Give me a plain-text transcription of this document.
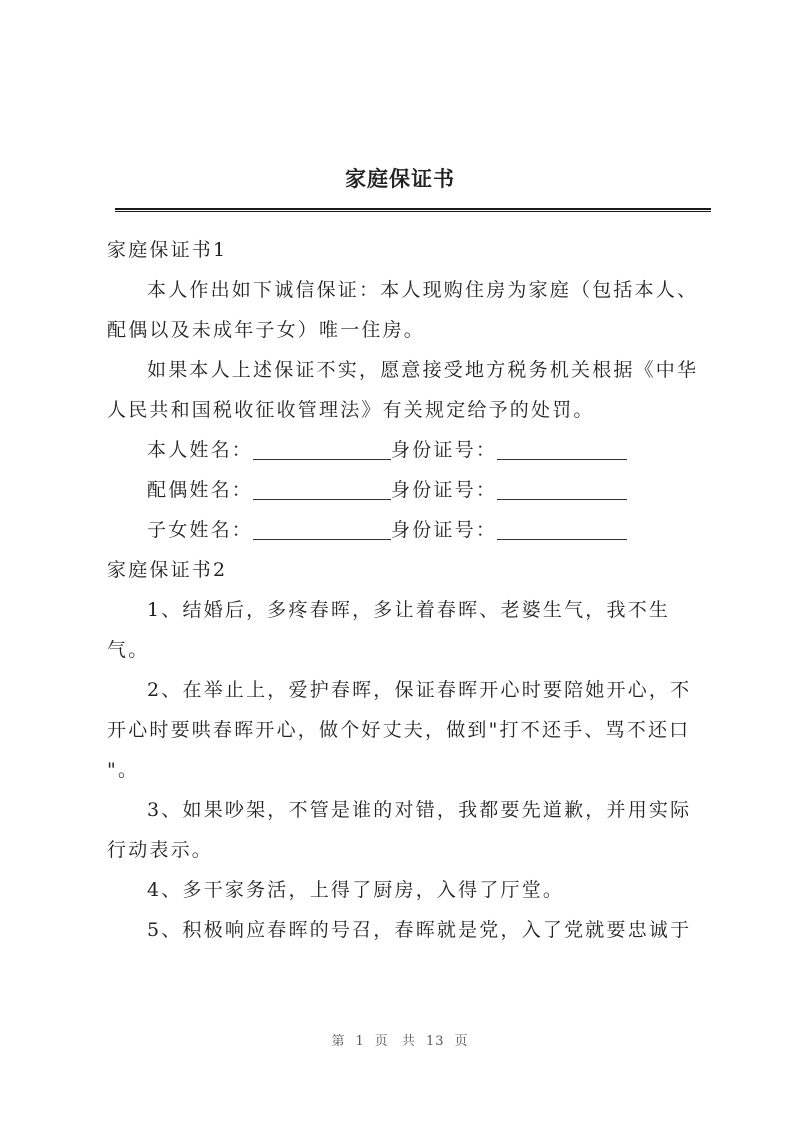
家庭保证书
家庭保证书1
本人作出如下诚信保证：本人现购住房为家庭（包括本人、
配偶以及未成年子女）唯一住房。
如果本人上述保证不实，愿意接受地方税务机关根据《中华
人民共和国税收征收管理法》有关规定给予的处罚。
本人姓名：	身份证号：
配偶姓名：	身份证号：
子女姓名：	身份证号：
家庭保证书2
1、结婚后，多疼春晖，多让着春晖、老婆生气，我不生
气。
2、在举止上，爱护春晖，保证春晖开心时要陪她开心，不
开心时要哄春晖开心，做个好丈夫，做到"打不还手、骂不还口
"。
3、如果吵架，不管是谁的对错，我都要先道歉，并用实际
行动表示。
4、多干家务活，上得了厨房，入得了厅堂。
5、积极响应春晖的号召，春晖就是党，入了党就要忠诚于
第 1 页 共 13 页
